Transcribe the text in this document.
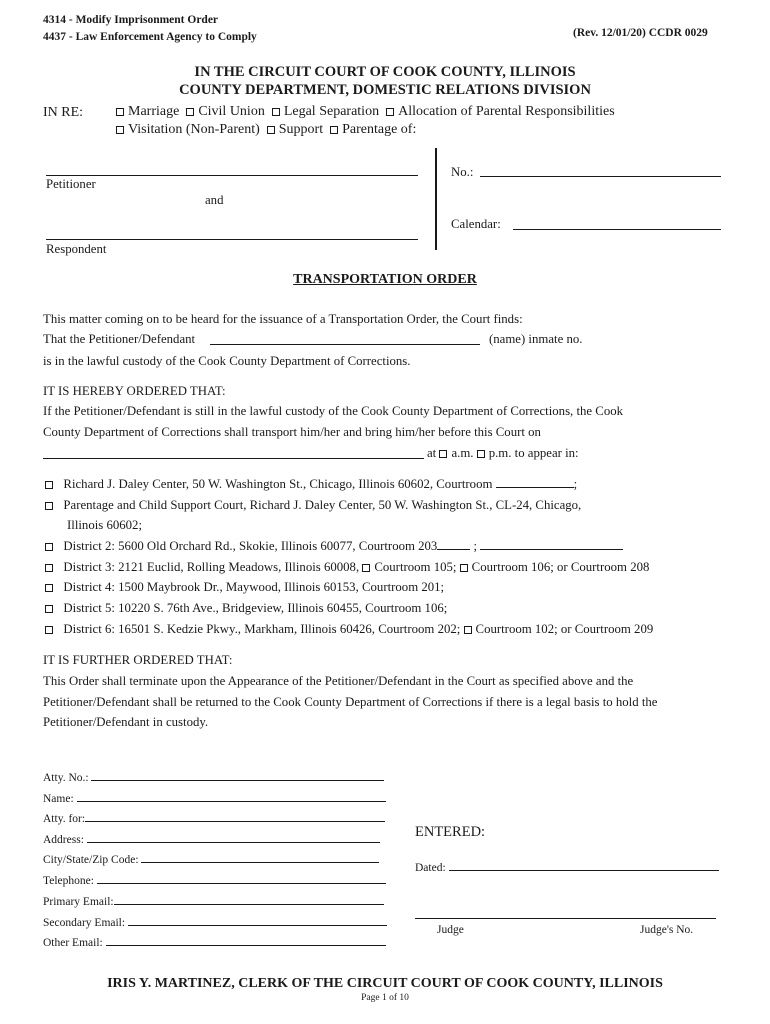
4314 - Modify Imprisonment Order
4437 - Law Enforcement Agency to Comply	(Rev. 12/01/20) CCDR 0029
IN THE CIRCUIT COURT OF COOK COUNTY, ILLINOIS
COUNTY DEPARTMENT, DOMESTIC RELATIONS DIVISION
IN RE:	Marriage Civil Union Legal Separation Allocation of Parental Responsibilities
Visitation (Non-Parent) Support Parentage of:
Petitioner
and
Respondent
No.:
Calendar:
TRANSPORTATION ORDER
This matter coming on to be heard for the issuance of a Transportation Order, the Court finds:
That the Petitioner/Defendant	(name) inmate no.
is in the lawful custody of the Cook County Department of Corrections.
IT IS HEREBY ORDERED THAT:
If the Petitioner/Defendant is still in the lawful custody of the Cook County Department of Corrections, the Cook
County Department of Corrections shall transport him/her and bring him/her before this Court on
at a.m. p.m. to appear in:
Richard J. Daley Center, 50 W. Washington St., Chicago, Illinois 60602, Courtroom	;
Parentage and Child Support Court, Richard J. Daley Center, 50 W. Washington St., CL-24, Chicago,
Illinois 60602;
District 2: 5600 Old Orchard Rd., Skokie, Illinois 60077, Courtroom 203	;
District 3: 2121 Euclid, Rolling Meadows, Illinois 60008, Courtroom 105; Courtroom 106; or Courtroom 208
District 4: 1500 Maybrook Dr., Maywood, Illinois 60153, Courtroom 201;
District 5: 10220 S. 76th Ave., Bridgeview, Illinois 60455, Courtroom 106;
District 6: 16501 S. Kedzie Pkwy., Markham, Illinois 60426, Courtroom 202; Courtroom 102; or Courtroom 209
IT IS FURTHER ORDERED THAT:
This Order shall terminate upon the Appearance of the Petitioner/Defendant in the Court as specified above and the
Petitioner/Defendant shall be returned to the Cook County Department of Corrections if there is a legal basis to hold the
Petitioner/Defendant in custody.
Atty. No.:
Name:
Atty. for:
Address:
City/State/Zip Code:
Telephone:
Primary Email:
Secondary Email:
Other Email:
ENTERED:
Dated:
Judge	Judge's No.
IRIS Y. MARTINEZ, CLERK OF THE CIRCUIT COURT OF COOK COUNTY, ILLINOIS
Page 1 of 10
